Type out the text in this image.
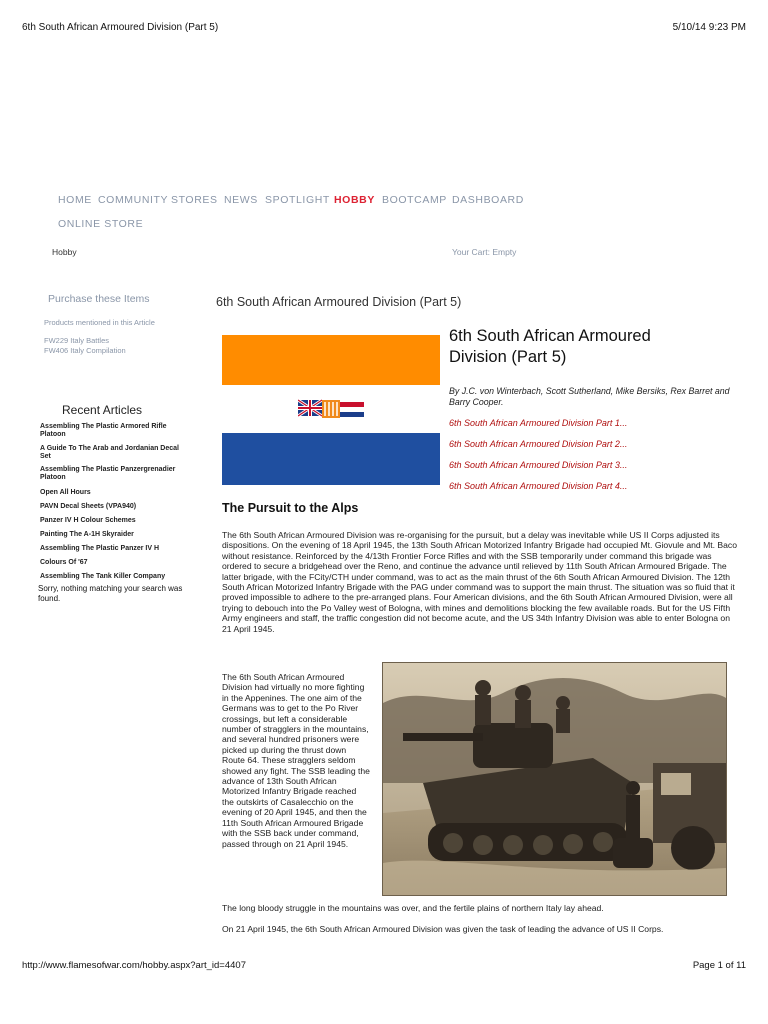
6th South African Armoured Division (Part 5)	5/10/14 9:23 PM
HOME COMMUNITY STORES NEWS SPOTLIGHT HOBBY BOOTCAMP DASHBOARD
ONLINE STORE
Hobby	Your Cart: Empty
Purchase these Items
Products mentioned in this Article
FW229 Italy Battles
FW406 Italy Compilation
Recent Articles
Assembling The Plastic Armored Rifle Platoon
A Guide To The Arab and Jordanian Decal Set
Assembling The Plastic Panzergrenadier Platoon
Open All Hours
PAVN Decal Sheets (VPA940)
Panzer IV H Colour Schemes
Painting The A-1H Skyraider
Assembling The Plastic Panzer IV H
Colours Of '67
Assembling The Tank Killer Company
Sorry, nothing matching your search was found.
6th South African Armoured Division (Part 5)
6th South African Armoured Division (Part 5)
By J.C. von Winterbach, Scott Sutherland, Mike Bersiks, Rex Barret and Barry Cooper.
6th South African Armoured Division Part 1...
6th South African Armoured Division Part 2...
6th South African Armoured Division Part 3...
6th South African Armoured Division Part 4...
The Pursuit to the Alps
The 6th South African Armoured Division was re-organising for the pursuit, but a delay was inevitable while US II Corps adjusted its dispositions. On the evening of 18 April 1945, the 13th South African Motorized Infantry Brigade had occupied Mt. Giovule and Mt. Baco without resistance. Reinforced by the 4/13th Frontier Force Rifles and with the SSB temporarily under command this brigade was ordered to secure a bridgehead over the Reno, and continue the advance until relieved by 11th South African Armoured Brigade. The latter brigade, with the FCity/CTH under command, was to act as the main thrust of the 6th South African Armoured Division. The 12th South African Motorized Infantry Brigade with the PAG under command was to support the main thrust. The situation was so fluid that it proved impossible to adhere to the pre-arranged plans. Four American divisions, and the 6th South African Armoured Division, were all trying to debouch into the Po Valley west of Bologna, with mines and demolitions blocking the few available roads. But for the US Fifth Army engineers and staff, the traffic congestion did not become acute, and the US 34th Infantry Division was able to enter Bologna on 21 April 1945.
The 6th South African Armoured Division had virtually no more fighting in the Appenines. The one aim of the Germans was to get to the Po River crossings, but left a considerable number of stragglers in the mountains, and several hundred prisoners were picked up during the thrust down Route 64. These stragglers seldom showed any fight. The SSB leading the advance of 13th South African Motorized Infantry Brigade reached the outskirts of Casalecchio on the evening of 20 April 1945, and then the 11th South African Armoured Brigade with the SSB back under command, passed through on 21 April 1945.
The long bloody struggle in the mountains was over, and the fertile plains of northern Italy lay ahead.
On 21 April 1945, the 6th South African Armoured Division was given the task of leading the advance of US II Corps.
http://www.flamesofwar.com/hobby.aspx?art_id=4407	Page 1 of 11
